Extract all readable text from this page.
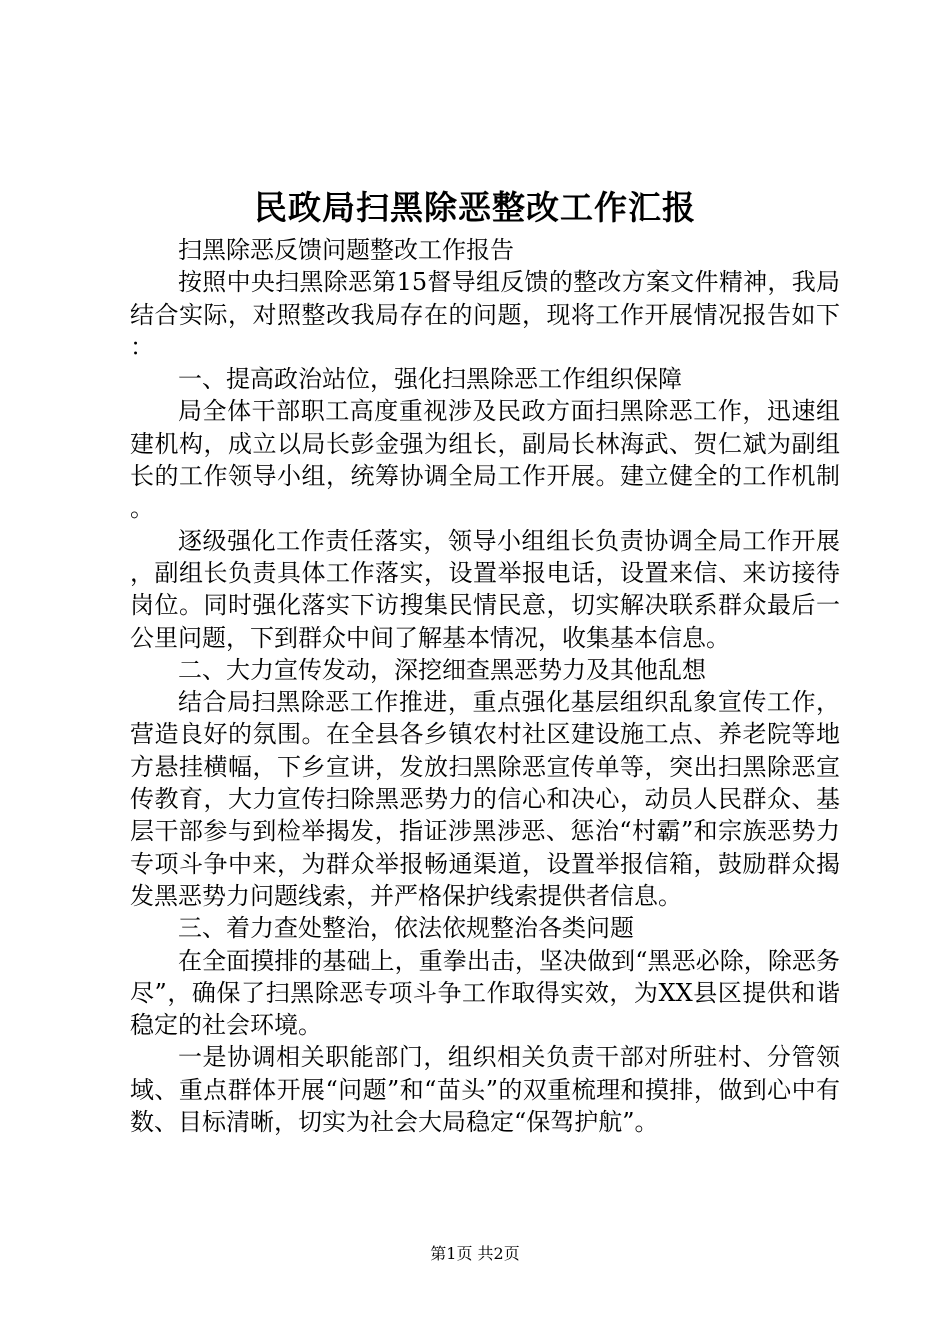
民政局扫黑除恶整改工作汇报

扫黑除恶反馈问题整改工作报告

按照中央扫黑除恶第15督导组反馈的整改方案文件精神，我局结合实际，对照整改我局存在的问题，现将工作开展情况报告如下：

一、提高政治站位，强化扫黑除恶工作组织保障

局全体干部职工高度重视涉及民政方面扫黑除恶工作，迅速组建机构，成立以局长彭金强为组长，副局长林海武、贺仁斌为副组长的工作领导小组，统筹协调全局工作开展。建立健全的工作机制。

逐级强化工作责任落实，领导小组组长负责协调全局工作开展，副组长负责具体工作落实，设置举报电话，设置来信、来访接待岗位。同时强化落实下访搜集民情民意，切实解决联系群众最后一公里问题，下到群众中间了解基本情况，收集基本信息。

二、大力宣传发动，深挖细查黑恶势力及其他乱想

结合局扫黑除恶工作推进，重点强化基层组织乱象宣传工作，营造良好的氛围。在全县各乡镇农村社区建设施工点、养老院等地方悬挂横幅，下乡宣讲，发放扫黑除恶宣传单等，突出扫黑除恶宣传教育，大力宣传扫除黑恶势力的信心和决心，动员人民群众、基层干部参与到检举揭发，指证涉黑涉恶、惩治“村霸”和宗族恶势力专项斗争中来，为群众举报畅通渠道，设置举报信箱，鼓励群众揭发黑恶势力问题线索，并严格保护线索提供者信息。

三、着力查处整治，依法依规整治各类问题

在全面摸排的基础上，重拳出击，坚决做到“黑恶必除，除恶务尽”，确保了扫黑除恶专项斗争工作取得实效，为XX县区提供和谐稳定的社会环境。

一是协调相关职能部门，组织相关负责干部对所驻村、分管领域、重点群体开展“问题”和“苗头”的双重梳理和摸排，做到心中有数、目标清晰，切实为社会大局稳定“保驾护航”。

第1页 共2页
